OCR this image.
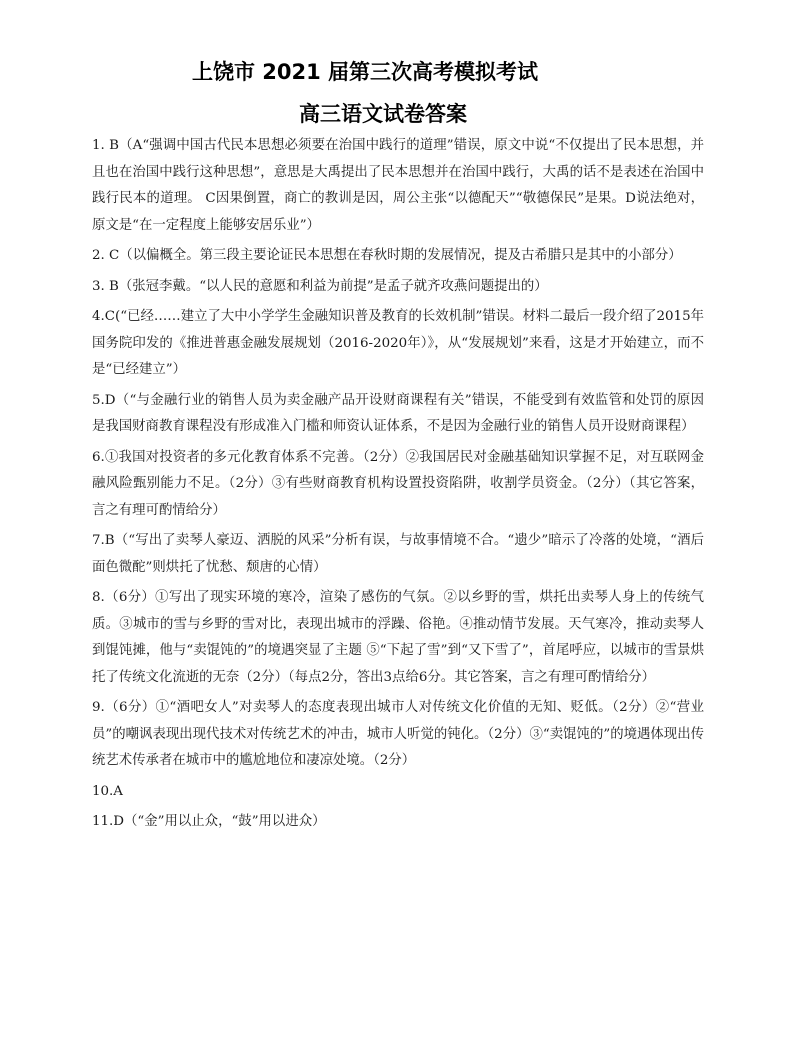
上饶市 2021 届第三次高考模拟考试
高三语文试卷答案

1. B（A“强调中国古代民本思想必须要在治国中践行的道理”错误，原文中说“不仅提出了民本思想，并且也在治国中践行这种思想”，意思是大禹提出了民本思想并在治国中践行，大禹的话不是表述在治国中践行民本的道理。 C因果倒置，商亡的教训是因，周公主张“以德配天”“敬德保民”是果。D说法绝对，原文是“在一定程度上能够安居乐业”）

2. C（以偏概全。第三段主要论证民本思想在春秋时期的发展情况，提及古希腊只是其中的小部分）

3. B（张冠李戴。“以人民的意愿和利益为前提”是孟子就齐攻燕问题提出的）

4.C(“已经……建立了大中小学学生金融知识普及教育的长效机制”错误。材料二最后一段介绍了2015年国务院印发的《推进普惠金融发展规划（2016-2020年）》，从“发展规划”来看，这是才开始建立，而不是“已经建立”）

5.D（“与金融行业的销售人员为卖金融产品开设财商课程有关”错误，不能受到有效监管和处罚的原因是我国财商教育课程没有形成准入门槛和师资认证体系，不是因为金融行业的销售人员开设财商课程）

6.①我国对投资者的多元化教育体系不完善。（2分）②我国居民对金融基础知识掌握不足，对互联网金融风险甄别能力不足。（2分）③有些财商教育机构设置投资陷阱，收割学员资金。（2分）（其它答案，言之有理可酌情给分）

7.B（“写出了卖琴人豪迈、洒脱的风采”分析有误，与故事情境不合。“遗少”暗示了冷落的处境，“酒后面色微酡”则烘托了忧愁、颓唐的心情）

8.（6分）①写出了现实环境的寒冷，渲染了感伤的气氛。②以乡野的雪，烘托出卖琴人身上的传统气质。③城市的雪与乡野的雪对比，表现出城市的浮躁、俗艳。④推动情节发展。天气寒冷，推动卖琴人到馄饨摊，他与“卖馄饨的”的境遇突显了主题 ⑤“下起了雪”到“又下雪了”，首尾呼应，以城市的雪景烘托了传统文化流逝的无奈（2分）（每点2分，答出3点给6分。其它答案，言之有理可酌情给分）

9.（6分）①“酒吧女人”对卖琴人的态度表现出城市人对传统文化价值的无知、贬低。（2分）②“营业员”的嘲讽表现出现代技术对传统艺术的冲击，城市人听觉的钝化。（2分）③“卖馄饨的”的境遇体现出传统艺术传承者在城市中的尴尬地位和凄凉处境。（2分）

10.A

11.D（“金”用以止众，“鼓”用以进众）
